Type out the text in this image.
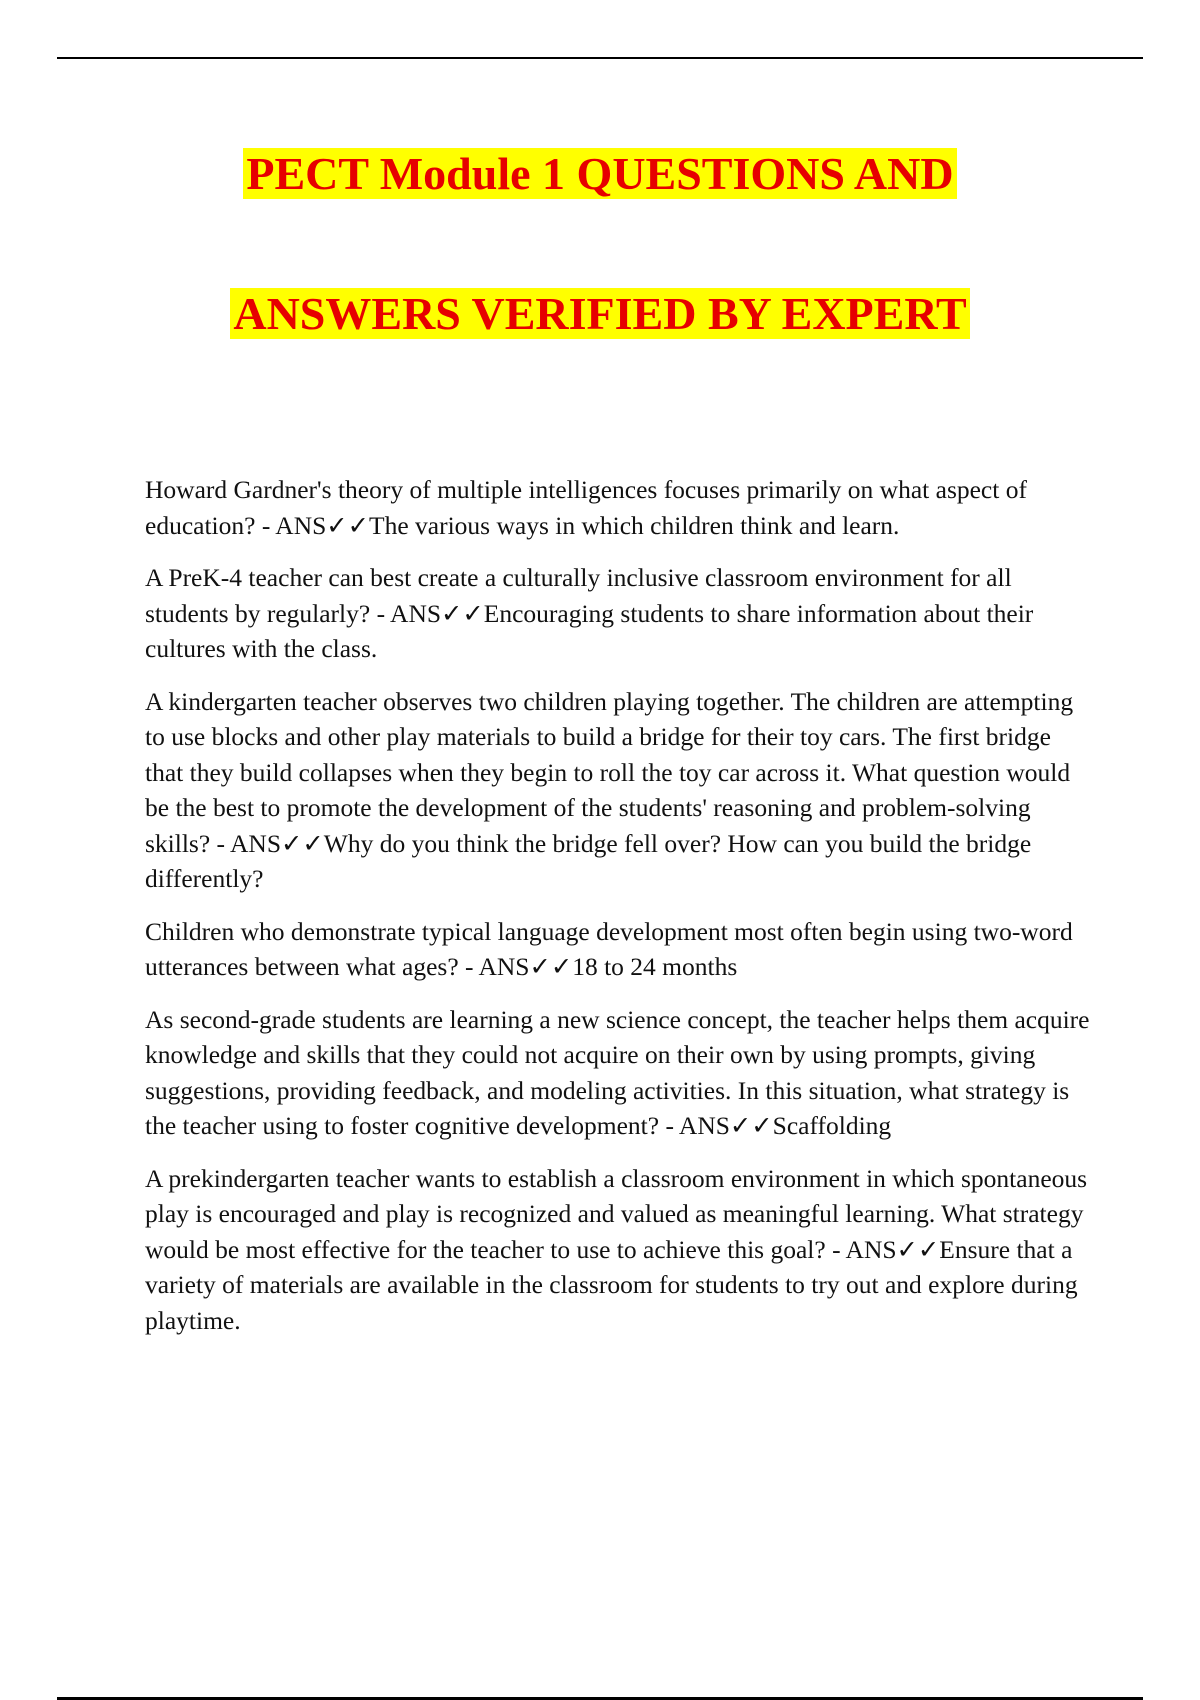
PECT Module 1 QUESTIONS AND
ANSWERS VERIFIED BY EXPERT

Howard Gardner's theory of multiple intelligences focuses primarily on what aspect of education? - ANS✓✓The various ways in which children think and learn.

A PreK-4 teacher can best create a culturally inclusive classroom environment for all students by regularly? - ANS✓✓Encouraging students to share information about their cultures with the class.

A kindergarten teacher observes two children playing together. The children are attempting to use blocks and other play materials to build a bridge for their toy cars. The first bridge that they build collapses when they begin to roll the toy car across it. What question would be the best to promote the development of the students' reasoning and problem-solving skills? - ANS✓✓Why do you think the bridge fell over? How can you build the bridge differently?

Children who demonstrate typical language development most often begin using two-word utterances between what ages? - ANS✓✓18 to 24 months

As second-grade students are learning a new science concept, the teacher helps them acquire knowledge and skills that they could not acquire on their own by using prompts, giving suggestions, providing feedback, and modeling activities. In this situation, what strategy is the teacher using to foster cognitive development? - ANS✓✓Scaffolding

A prekindergarten teacher wants to establish a classroom environment in which spontaneous play is encouraged and play is recognized and valued as meaningful learning. What strategy would be most effective for the teacher to use to achieve this goal? - ANS✓✓Ensure that a variety of materials are available in the classroom for students to try out and explore during playtime.
